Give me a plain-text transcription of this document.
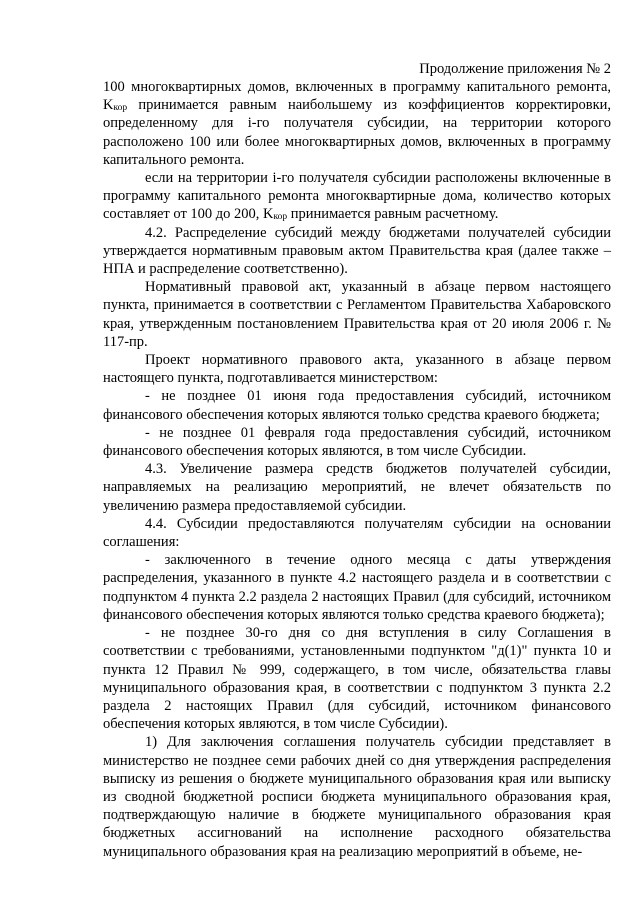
Продолжение приложения № 2

100 многоквартирных домов, включенных в программу капитального ремонта, $K_{кор}$ принимается равным наибольшему из коэффициентов корректировки, определенному для i-го получателя субсидии, на территории которого расположено 100 или более многоквартирных домов, включенных в программу капитального ремонта.

если на территории i-го получателя субсидии расположены включенные в программу капитального ремонта многоквартирные дома, количество которых составляет от 100 до 200, $K_{кор}$ принимается равным расчетному.

4.2. Распределение субсидий между бюджетами получателей субсидии утверждается нормативным правовым актом Правительства края (далее также – НПА и распределение соответственно).

Нормативный правовой акт, указанный в абзаце первом настоящего пункта, принимается в соответствии с Регламентом Правительства Хабаровского края, утвержденным постановлением Правительства края от 20 июля 2006 г. № 117-пр.

Проект нормативного правового акта, указанного в абзаце первом настоящего пункта, подготавливается министерством:

- не позднее 01 июня года предоставления субсидий, источником финансового обеспечения которых являются только средства краевого бюджета;

- не позднее 01 февраля года предоставления субсидий, источником финансового обеспечения которых являются, в том числе Субсидии.

4.3. Увеличение размера средств бюджетов получателей субсидии, направляемых на реализацию мероприятий, не влечет обязательств по увеличению размера предоставляемой субсидии.

4.4. Субсидии предоставляются получателям субсидии на основании соглашения:

- заключенного в течение одного месяца с даты утверждения распределения, указанного в пункте 4.2 настоящего раздела и в соответствии с подпунктом 4 пункта 2.2 раздела 2 настоящих Правил (для субсидий, источником финансового обеспечения которых являются только средства краевого бюджета);

- не позднее 30-го дня со дня вступления в силу Соглашения в соответствии с требованиями, установленными подпунктом "д(1)" пункта 10 и пункта 12 Правил № 999, содержащего, в том числе, обязательства главы муниципального образования края, в соответствии с подпунктом 3 пункта 2.2 раздела 2 настоящих Правил (для субсидий, источником финансового обеспечения которых являются, в том числе Субсидии).

1) Для заключения соглашения получатель субсидии представляет в министерство не позднее семи рабочих дней со дня утверждения распределения выписку из решения о бюджете муниципального образования края или выписку из сводной бюджетной росписи бюджета муниципального образования края, подтверждающую наличие в бюджете муниципального образования края бюджетных ассигнований на исполнение расходного обязательства муниципального образования края на реализацию мероприятий в объеме, не-
